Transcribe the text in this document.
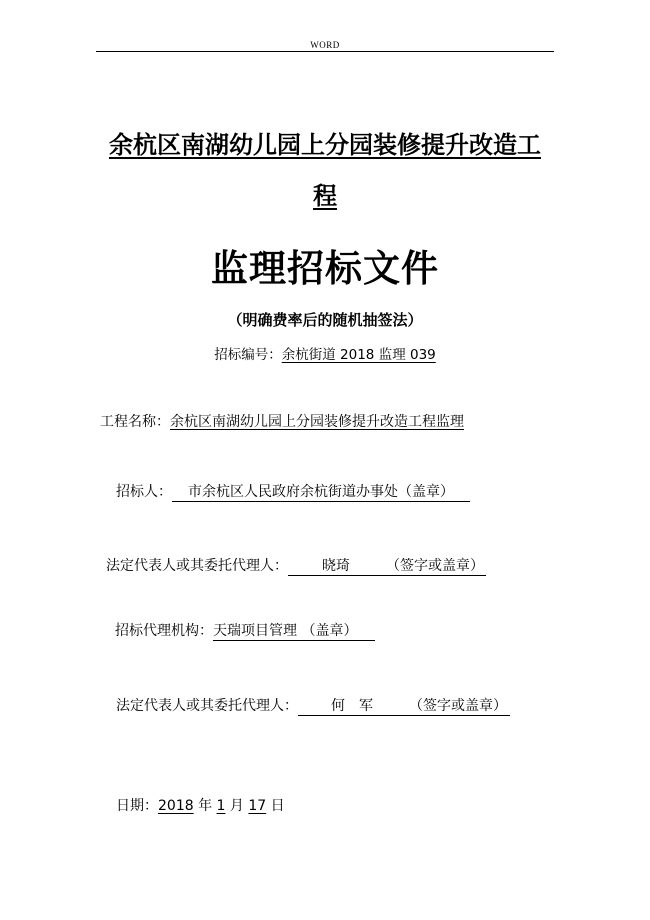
WORD
余杭区南湖幼儿园上分园装修提升改造工
程
监理招标文件
（明确费率后的随机抽签法）
招标编号：余杭街道 2018 监理 039
工程名称：余杭区南湖幼儿园上分园装修提升改造工程监理
招标人： 市余杭区人民政府余杭街道办事处（盖章）
法定代表人或其委托代理人： 晓琦	（签字或盖章）
招标代理机构：天瑞项目管理 （盖章）
法定代表人或其委托代理人： 何　军	（签字或盖章）
日期：2018 年 1 月 17 日
